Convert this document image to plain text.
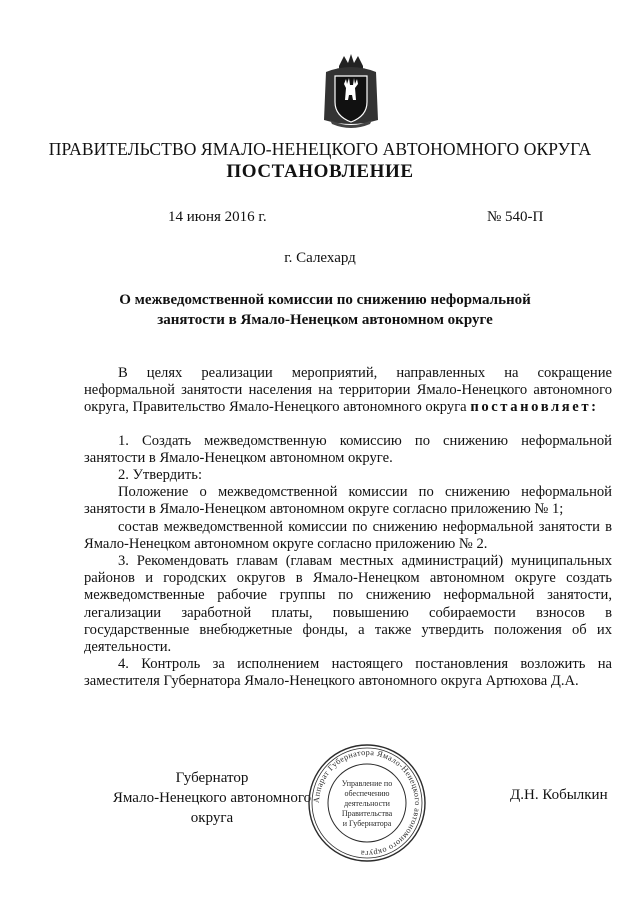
ПРАВИТЕЛЬСТВО ЯМАЛО-НЕНЕЦКОГО АВТОНОМНОГО ОКРУГА
ПОСТАНОВЛЕНИЕ
14 июня 2016 г.	№ 540-П
г. Салехард
О межведомственной комиссии по снижению неформальной
занятости в Ямало-Ненецком автономном округе

В целях реализации мероприятий, направленных на сокращение неформальной занятости населения на территории Ямало-Ненецкого автономного округа, Правительство Ямало-Ненецкого автономного округа постановляет:

1. Создать межведомственную комиссию по снижению неформальной занятости в Ямало-Ненецком автономном округе.

2. Утвердить:

Положение о межведомственной комиссии по снижению неформальной занятости в Ямало-Ненецком автономном округе согласно приложению № 1;

состав межведомственной комиссии по снижению неформальной занятости в Ямало-Ненецком автономном округе согласно приложению № 2.

3. Рекомендовать главам (главам местных администраций) муниципальных районов и городских округов в Ямало-Ненецком автономном округе создать межведомственные рабочие группы по снижению неформальной занятости, легализации заработной платы, повышению собираемости взносов в государственные внебюджетные фонды, а также утвердить положения об их деятельности.

4. Контроль за исполнением настоящего постановления возложить на заместителя Губернатора Ямало-Ненецкого автономного округа Артюхова Д.А.

Губернатор
Ямало-Ненецкого автономного округа
Аппарат Губернатора Ямало-Ненецкого автономного округа
Управление по
обеспечению
деятельности
Правительства
и Губернатора
Д.Н. Кобылкин
